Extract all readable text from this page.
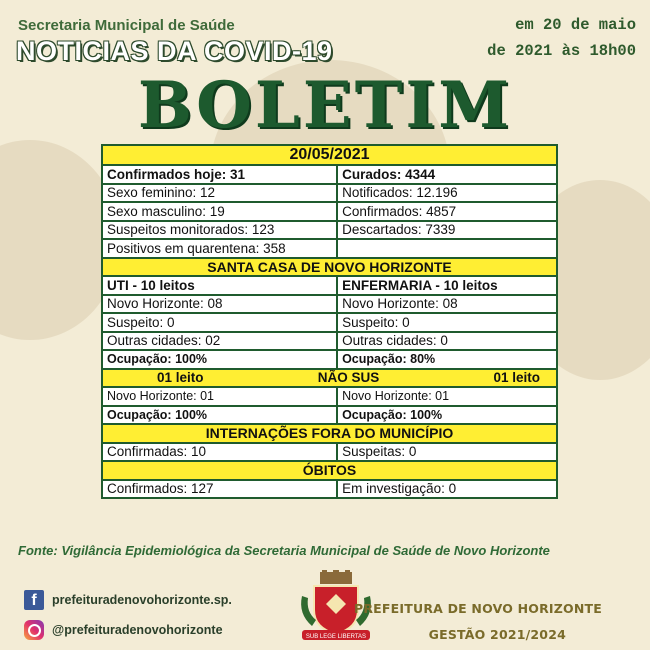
Secretaria Municipal de Saúde
NOTICIAS DA COVID-19
em 20 de maio
de 2021 às 18h00
BOLETIM
20/05/2021	
Confirmados hoje: 31	Curados: 4344
Sexo feminino: 12	Notificados: 12.196
Sexo masculino: 19	Confirmados: 4857
Suspeitos monitorados: 123	Descartados: 7339
Positivos em quarentena: 358	
SANTA CASA DE NOVO HORIZONTE	
UTI - 10 leitos	ENFERMARIA - 10 leitos
Novo Horizonte: 08	Novo Horizonte: 08
Suspeito: 0	Suspeito: 0
Outras cidades: 02	Outras cidades: 0
Ocupação: 100%	Ocupação: 80%

01 leito NÃO SUS 01 leito	

Novo Horizonte: 01	Novo Horizonte: 01
Ocupação: 100%	Ocupação: 100%
INTERNAÇÕES FORA DO MUNICÍPIO	
Confirmadas: 10	Suspeitas: 0
ÓBITOS	
Confirmados: 127	Em investigação: 0
Fonte: Vigilância Epidemiológica da Secretaria Municipal de Saúde de Novo Horizonte
f	prefeituradenovohorizonte.sp.
@prefeituradenovohorizonte	SUB LEGE LIBERTAS
PREFEITURA DE NOVO HORIZONTE
GESTÃO 2021/2024
